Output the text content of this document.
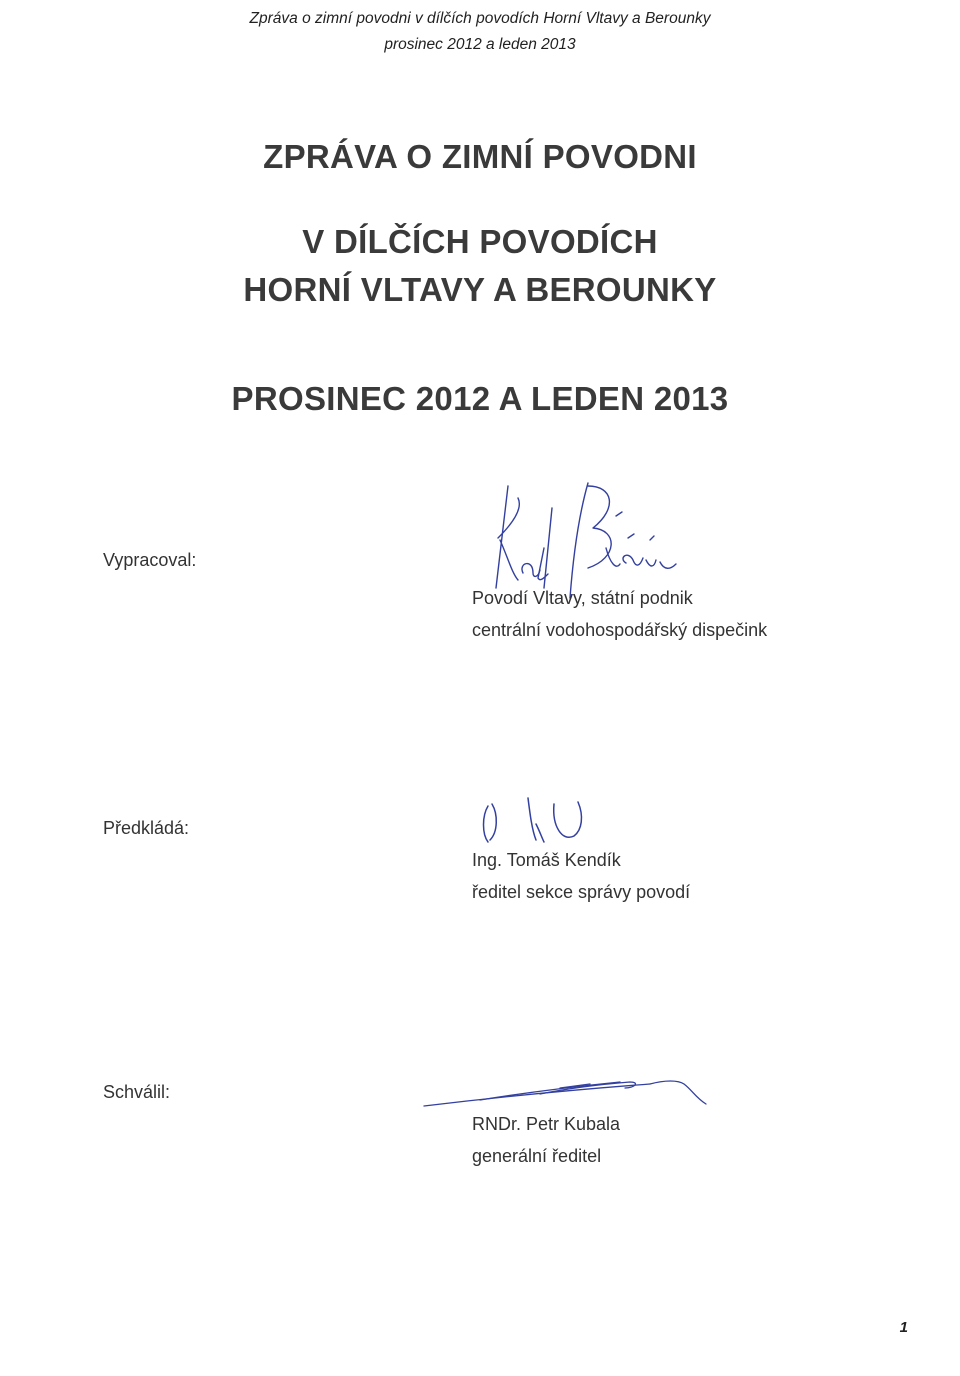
Zpráva o zimní povodni v dílčích povodích Horní Vltavy a Berounky
prosinec 2012 a leden 2013
ZPRÁVA O ZIMNÍ POVODNI
V DÍLČÍCH POVODÍCH
HORNÍ VLTAVY A BEROUNKY
PROSINEC 2012 A LEDEN 2013
Vypracoval:
Povodí Vltavy, státní podnik
centrální vodohospodářský dispečink
Předkládá:
Ing. Tomáš Kendík
ředitel sekce správy povodí
Schválil:
RNDr. Petr Kubala
generální ředitel
1
